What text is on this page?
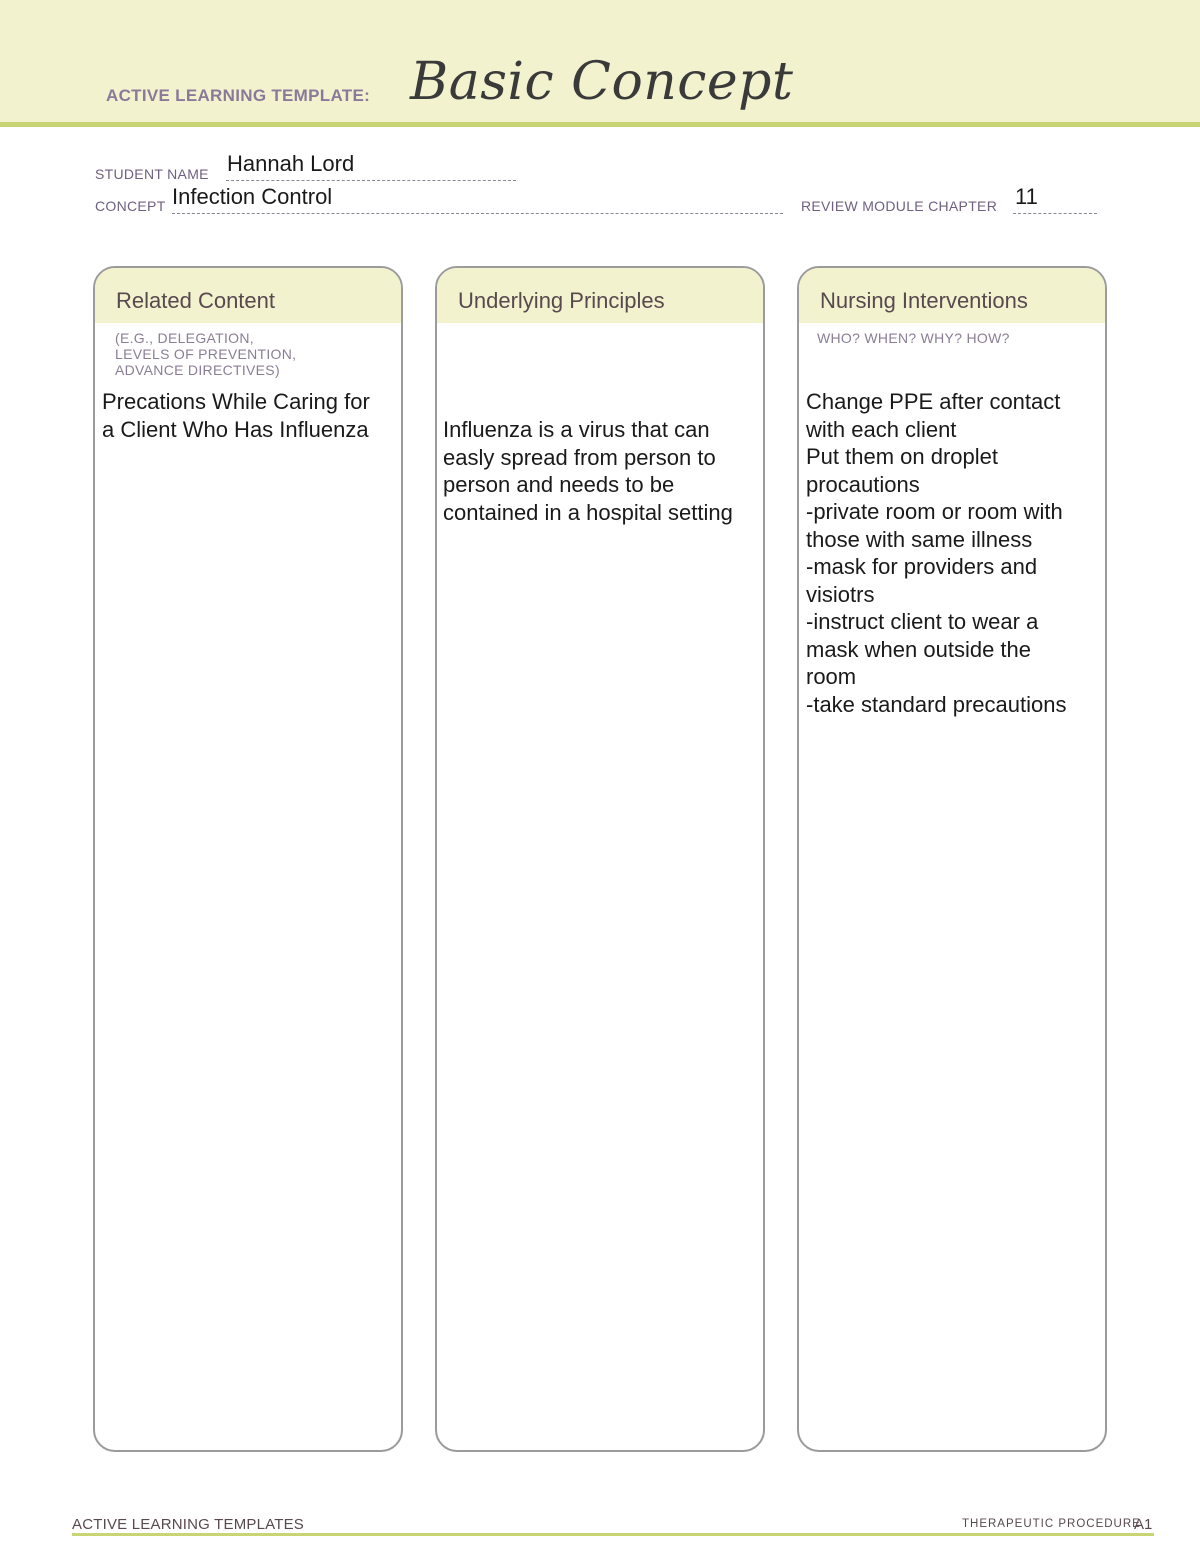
ACTIVE LEARNING TEMPLATE: Basic Concept
STUDENT NAME Hannah Lord
CONCEPT Infection Control	REVIEW MODULE CHAPTER 11
Related Content
(E.G., DELEGATION,
LEVELS OF PREVENTION,
ADVANCE DIRECTIVES)
Precations While Caring for
a Client Who Has Influenza
Underlying Principles
Influenza is a virus that can
easly spread from person to
person and needs to be
contained in a hospital setting
Nursing Interventions
WHO? WHEN? WHY? HOW?
Change PPE after contact
with each client
Put them on droplet
procautions
-private room or room with
those with same illness
-mask for providers and
visiotrs
-instruct client to wear a
mask when outside the
room
-take standard precautions
ACTIVE LEARNING TEMPLATES	THERAPEUTIC PROCEDURE
A1
